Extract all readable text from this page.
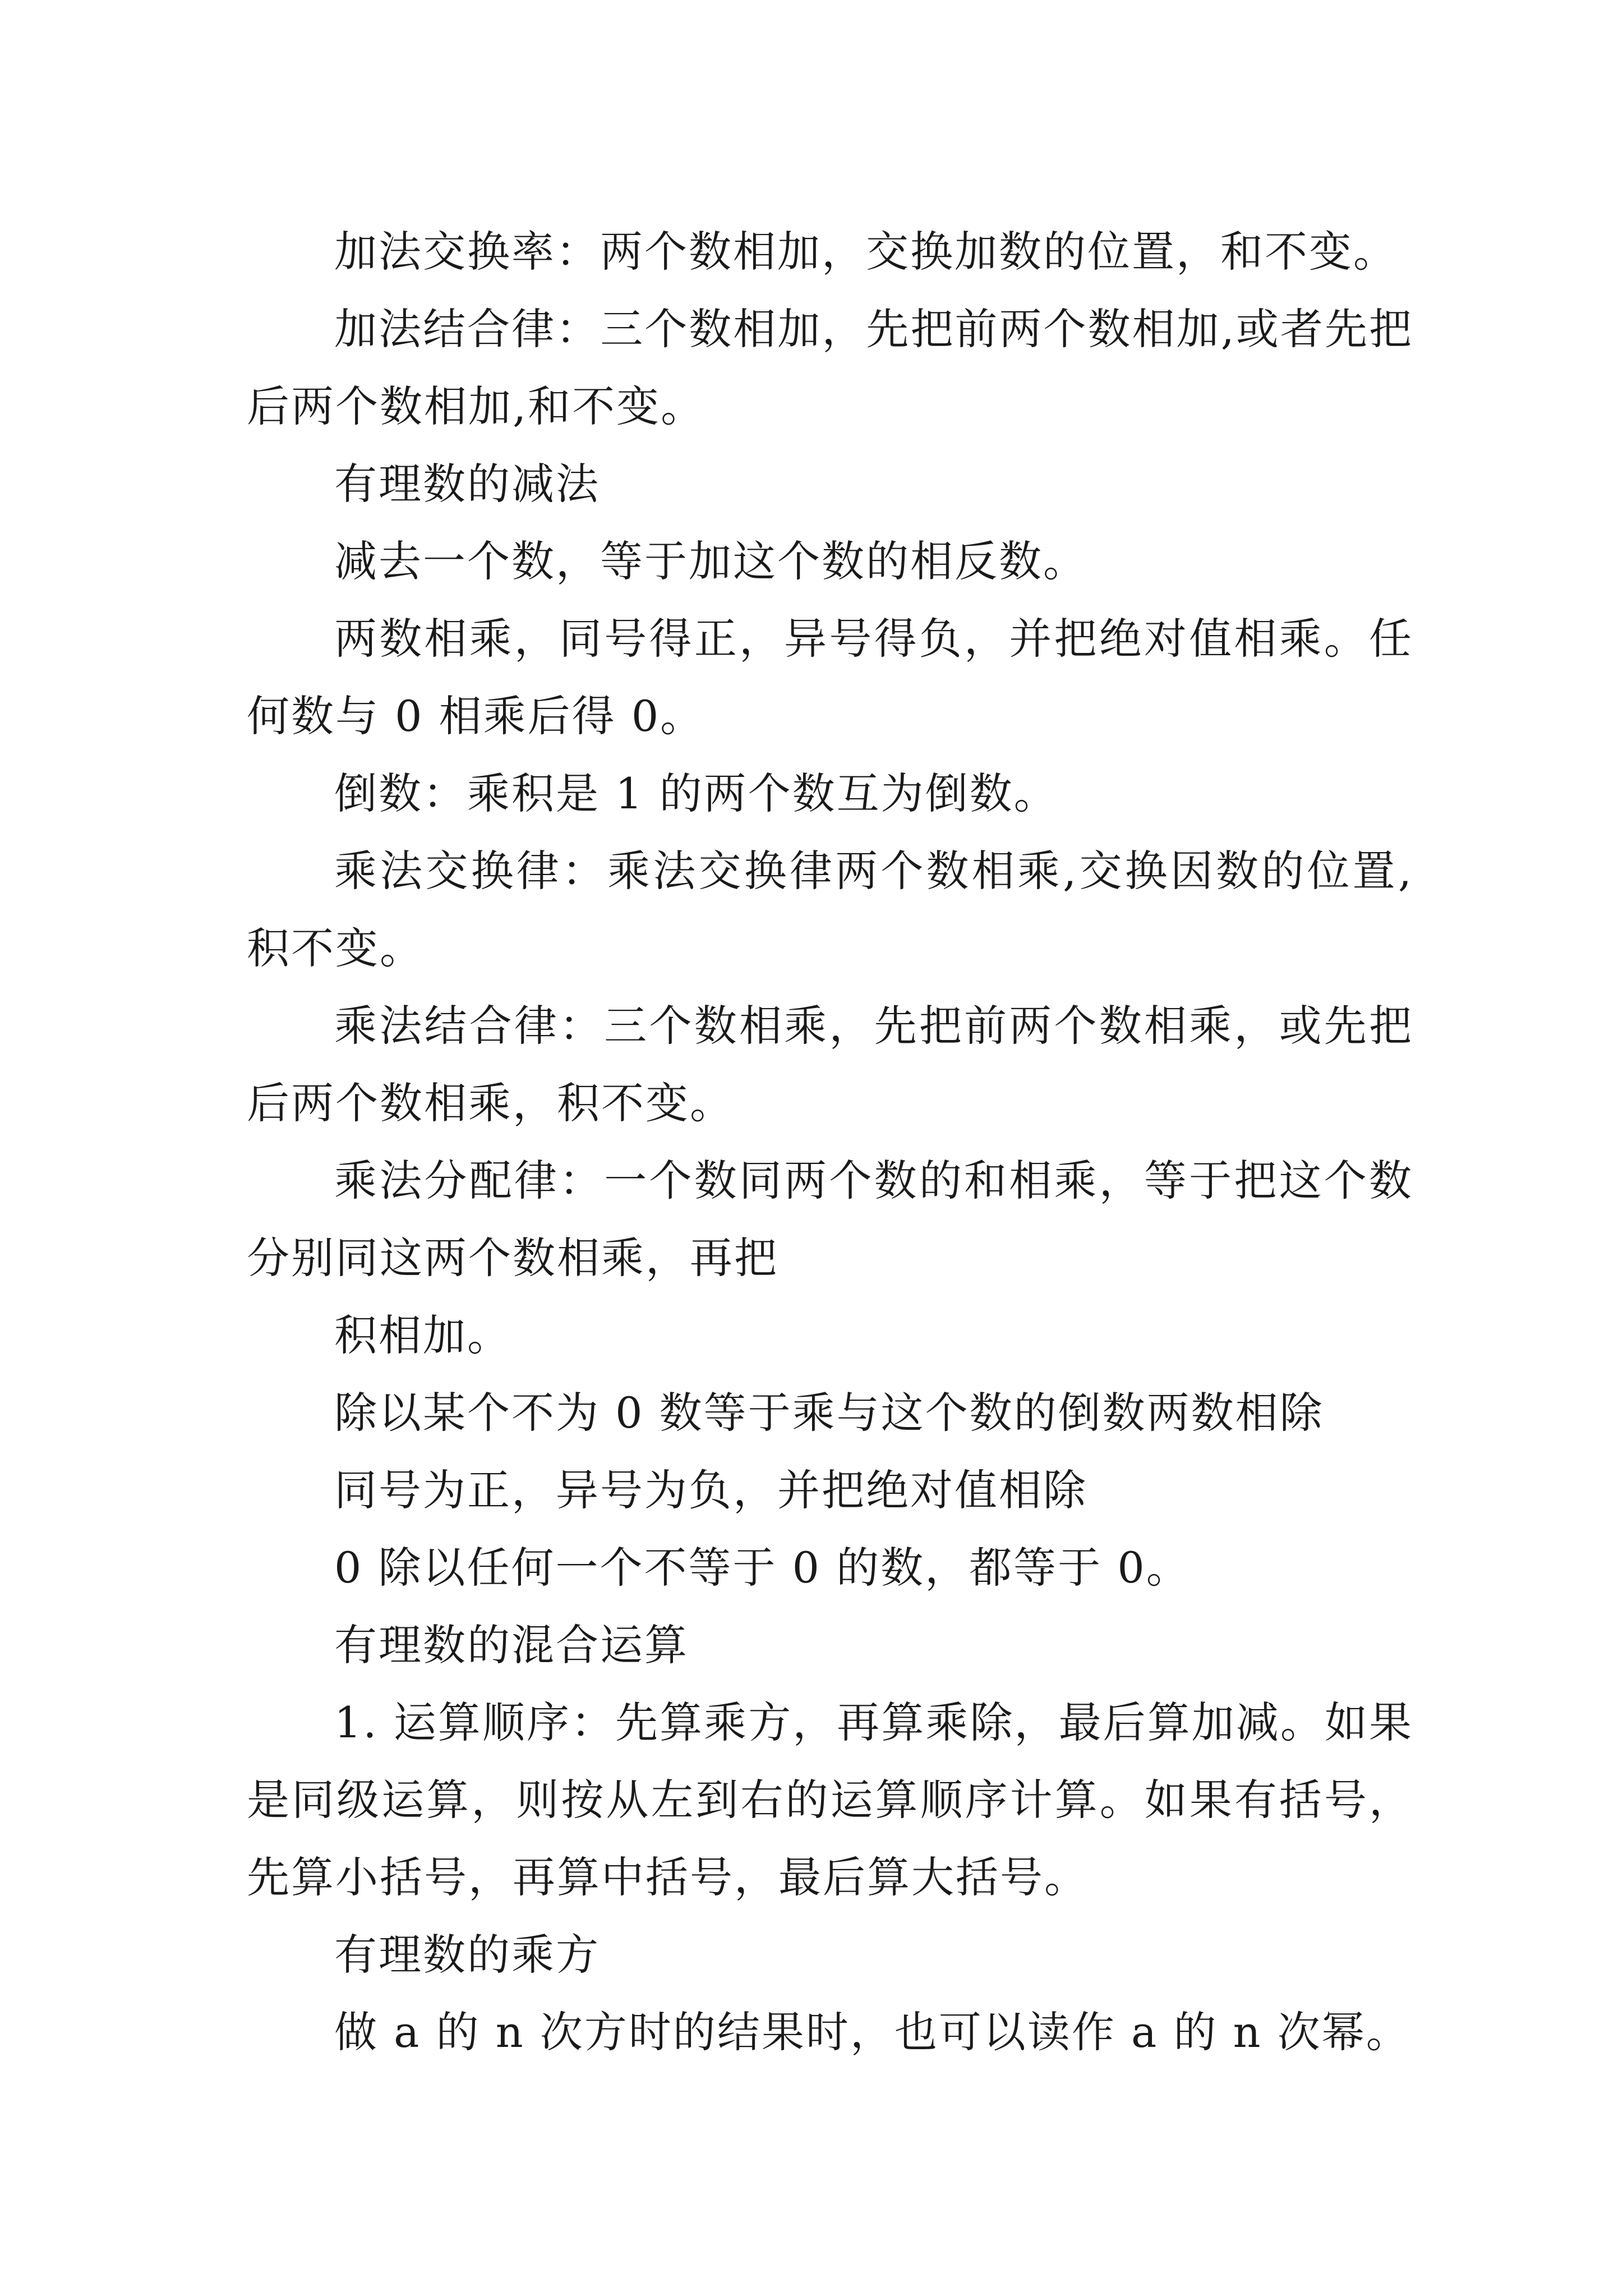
加法交换率：两个数相加，交换加数的位置，和不变。

加法结合律：三个数相加，先把前两个数相加,或者先把后两个数相加,和不变。

有理数的减法

减去一个数，等于加这个数的相反数。

两数相乘，同号得正，异号得负，并把绝对值相乘。任何数与 0 相乘后得 0。

倒数：乘积是 1 的两个数互为倒数。

乘法交换律：乘法交换律两个数相乘,交换因数的位置,积不变。

乘法结合律：三个数相乘，先把前两个数相乘，或先把后两个数相乘，积不变。

乘法分配律：一个数同两个数的和相乘，等于把这个数分别同这两个数相乘，再把

积相加。

除以某个不为 0 数等于乘与这个数的倒数两数相除

同号为正，异号为负，并把绝对值相除

0 除以任何一个不等于 0 的数，都等于 0。

有理数的混合运算

1. 运算顺序：先算乘方，再算乘除，最后算加减。如果是同级运算，则按从左到右的运算顺序计算。如果有括号，先算小括号，再算中括号，最后算大括号。

有理数的乘方

做 a 的 n 次方时的结果时，也可以读作 a 的 n 次幂。
